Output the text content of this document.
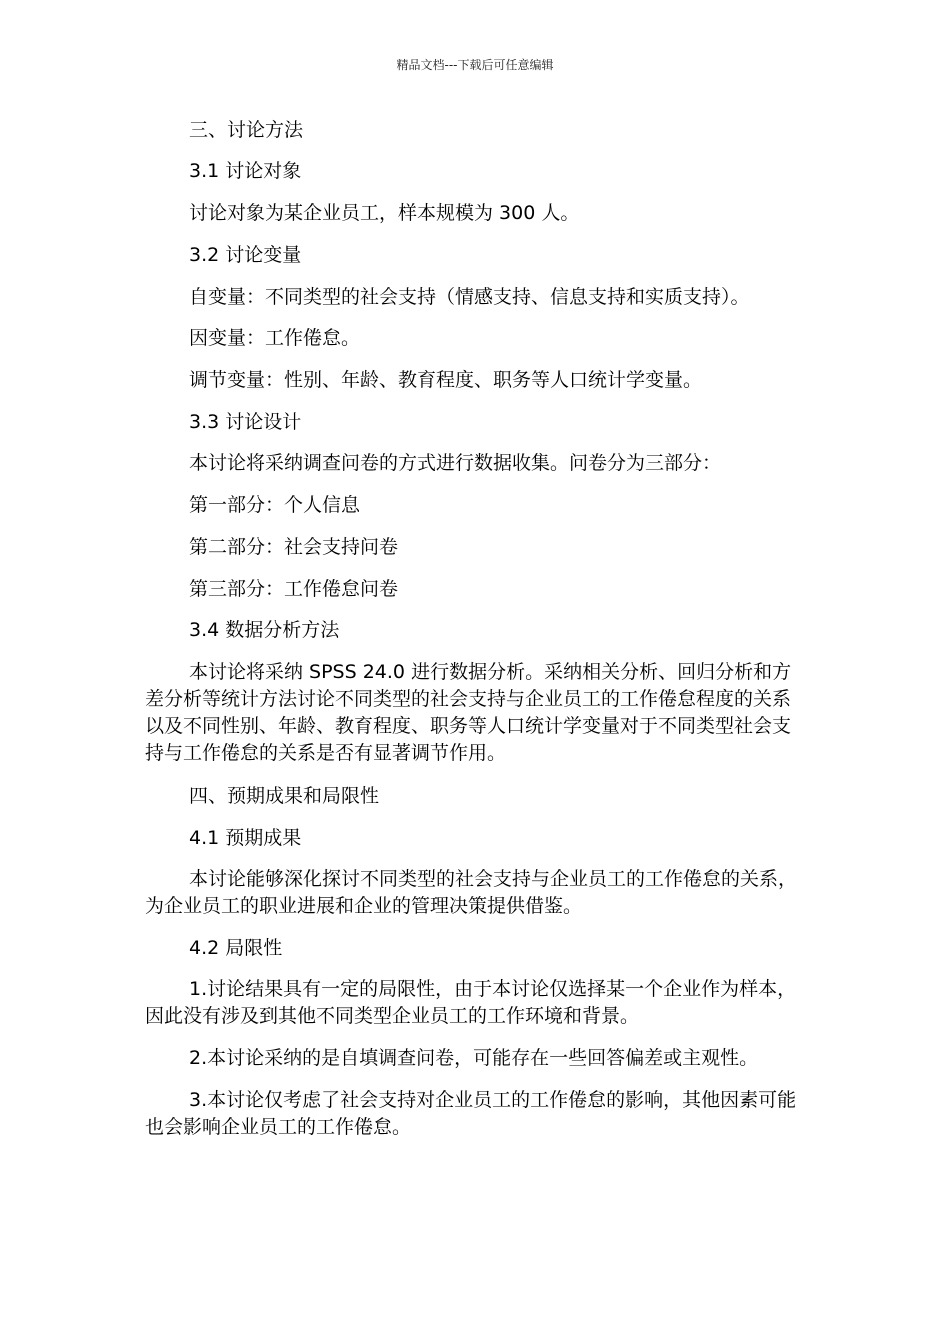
精品文档---下载后可任意编辑
三、讨论方法
3.1 讨论对象
讨论对象为某企业员工，样本规模为 300 人。
3.2 讨论变量
自变量：不同类型的社会支持（情感支持、信息支持和实质支持）。
因变量：工作倦怠。
调节变量：性别、年龄、教育程度、职务等人口统计学变量。
3.3 讨论设计
本讨论将采纳调查问卷的方式进行数据收集。问卷分为三部分：
第一部分：个人信息
第二部分：社会支持问卷
第三部分：工作倦怠问卷
3.4 数据分析方法
本讨论将采纳 SPSS 24.0 进行数据分析。采纳相关分析、回归分析和方差分析等统计方法讨论不同类型的社会支持与企业员工的工作倦怠程度的关系以及不同性别、年龄、教育程度、职务等人口统计学变量对于不同类型社会支持与工作倦怠的关系是否有显著调节作用。
四、预期成果和局限性
4.1 预期成果
本讨论能够深化探讨不同类型的社会支持与企业员工的工作倦怠的关系，为企业员工的职业进展和企业的管理决策提供借鉴。
4.2 局限性
1.讨论结果具有一定的局限性，由于本讨论仅选择某一个企业作为样本，因此没有涉及到其他不同类型企业员工的工作环境和背景。
2.本讨论采纳的是自填调查问卷，可能存在一些回答偏差或主观性。
3.本讨论仅考虑了社会支持对企业员工的工作倦怠的影响，其他因素可能也会影响企业员工的工作倦怠。
